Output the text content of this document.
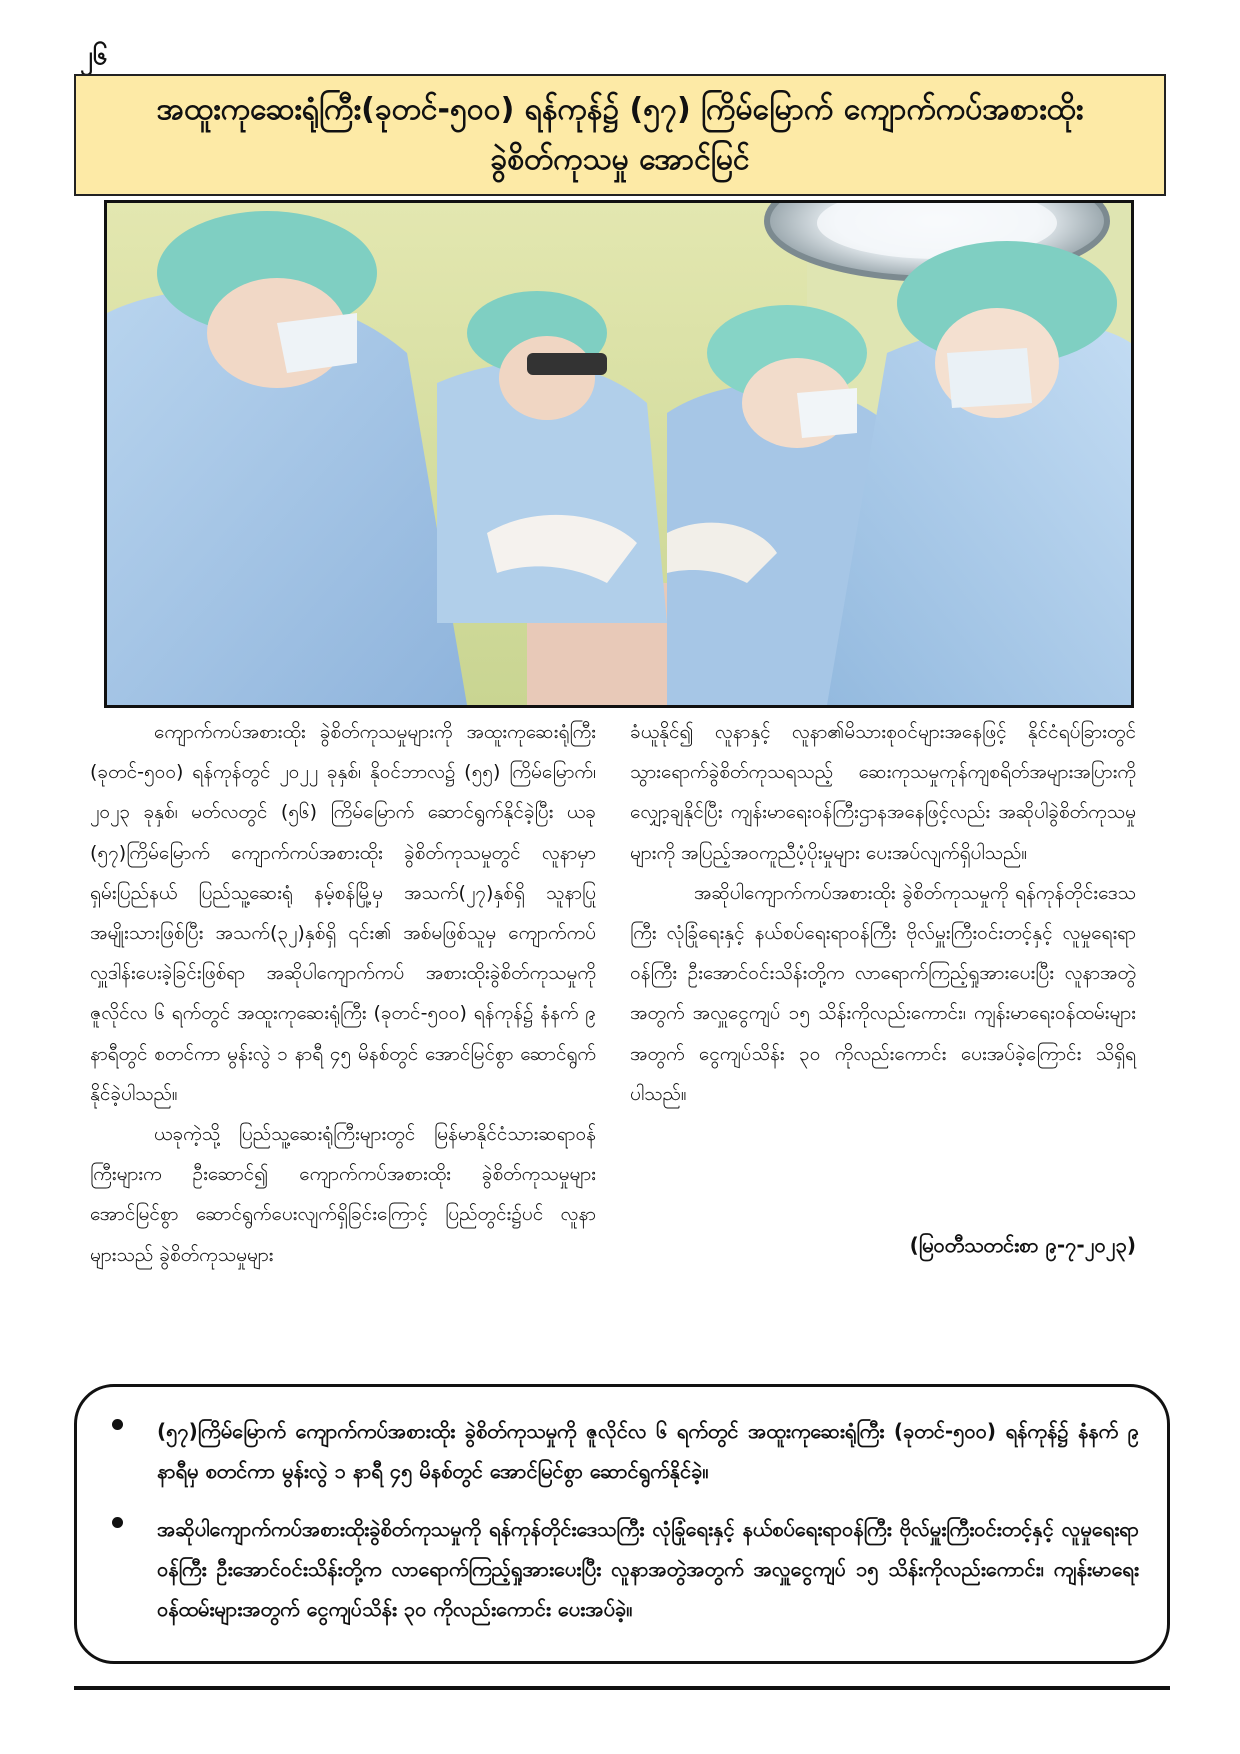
၂၆
အထူးကုဆေးရုံကြီး(ခုတင်-၅၀၀) ရန်ကုန်၌ (၅၇) ကြိမ်မြောက် ကျောက်ကပ်အစားထိုး
ခွဲစိတ်ကုသမှု အောင်မြင်

ကျောက်ကပ်အစားထိုး ခွဲစိတ်ကုသမှုများကို အထူးကုဆေးရုံကြီး (ခုတင်-၅၀၀) ရန်ကုန်တွင် ၂၀၂၂ ခုနှစ်၊ နိုဝင်ဘာလ၌ (၅၅) ကြိမ်မြောက်၊ ၂၀၂၃ ခုနှစ်၊ မတ်လတွင် (၅၆) ကြိမ်မြောက် ဆောင်ရွက်နိုင်ခဲ့ပြီး ယခု (၅၇)ကြိမ်မြောက် ကျောက်ကပ်အစားထိုး ခွဲစိတ်ကုသမှုတွင် လူနာမှာ ရှမ်းပြည်နယ် ပြည်သူ့ဆေးရုံ နမ့်စန်မြို့မှ အသက်(၂၇)နှစ်ရှိ သူနာပြုအမျိုးသားဖြစ်ပြီး အသက်(၃၂)နှစ်ရှိ ၎င်း၏ အစ်မဖြစ်သူမှ ကျောက်ကပ်လှူဒါန်းပေးခဲ့ခြင်းဖြစ်ရာ အဆိုပါကျောက်ကပ် အစားထိုးခွဲစိတ်ကုသမှုကို ဇူလိုင်လ ၆ ရက်တွင် အထူးကုဆေးရုံကြီး (ခုတင်-၅၀၀) ရန်ကုန်၌ နံနက် ၉ နာရီတွင် စတင်ကာ မွန်းလွဲ ၁ နာရီ ၄၅ မိနစ်တွင် အောင်မြင်စွာ ဆောင်ရွက်နိုင်ခဲ့ပါသည်။

ယခုကဲ့သို့ ပြည်သူ့ဆေးရုံကြီးများတွင် မြန်မာနိုင်ငံသားဆရာဝန်ကြီးများက ဦးဆောင်၍ ကျောက်ကပ်အစားထိုး ခွဲစိတ်ကုသမှုများ အောင်မြင်စွာ ဆောင်ရွက်ပေးလျက်ရှိခြင်းကြောင့် ပြည်တွင်း၌ပင် လူနာများသည် ခွဲစိတ်ကုသမှုများ

ခံယူနိုင်၍ လူနာနှင့် လူနာ၏မိသားစုဝင်များအနေဖြင့် နိုင်ငံရပ်ခြားတွင် သွားရောက်ခွဲစိတ်ကုသရသည့် ဆေးကုသမှုကုန်ကျစရိတ်အများအပြားကိုလျှော့ချနိုင်ပြီး ကျန်းမာရေးဝန်ကြီးဌာနအနေဖြင့်လည်း အဆိုပါခွဲစိတ်ကုသမှုများကို အပြည့်အဝကူညီပံ့ပိုးမှုများ ပေးအပ်လျက်ရှိပါသည်။

အဆိုပါကျောက်ကပ်အစားထိုး ခွဲစိတ်ကုသမှုကို ရန်ကုန်တိုင်းဒေသကြီး လုံခြုံရေးနှင့် နယ်စပ်ရေးရာဝန်ကြီး ဗိုလ်မှူးကြီးဝင်းတင့်နှင့် လူမှုရေးရာဝန်ကြီး ဦးအောင်ဝင်းသိန်းတို့က လာရောက်ကြည့်ရှုအားပေးပြီး လူနာအတွဲအတွက် အလှူငွေကျပ် ၁၅ သိန်းကိုလည်းကောင်း၊ ကျန်းမာရေးဝန်ထမ်းများအတွက် ငွေကျပ်သိန်း ၃၀ ကိုလည်းကောင်း ပေးအပ်ခဲ့ကြောင်း သိရှိရပါသည်။

(မြဝတီသတင်းစာ ၉-၇-၂၀၂၃)
(၅၇)ကြိမ်မြောက် ကျောက်ကပ်အစားထိုး ခွဲစိတ်ကုသမှုကို ဇူလိုင်လ ၆ ရက်တွင် အထူးကုဆေးရုံကြီး (ခုတင်-၅၀၀) ရန်ကုန်၌ နံနက် ၉ နာရီမှ စတင်ကာ မွန်းလွဲ ၁ နာရီ ၄၅ မိနစ်တွင် အောင်မြင်စွာ ဆောင်ရွက်နိုင်ခဲ့။
အဆိုပါကျောက်ကပ်အစားထိုးခွဲစိတ်ကုသမှုကို ရန်ကုန်တိုင်းဒေသကြီး လုံခြုံရေးနှင့် နယ်စပ်ရေးရာဝန်ကြီး ဗိုလ်မှူးကြီးဝင်းတင့်နှင့် လူမှုရေးရာဝန်ကြီး ဦးအောင်ဝင်းသိန်းတို့က လာရောက်ကြည့်ရှုအားပေးပြီး လူနာအတွဲအတွက် အလှူငွေကျပ် ၁၅ သိန်းကိုလည်းကောင်း၊ ကျန်းမာရေးဝန်ထမ်းများအတွက် ငွေကျပ်သိန်း ၃၀ ကိုလည်းကောင်း ပေးအပ်ခဲ့။
